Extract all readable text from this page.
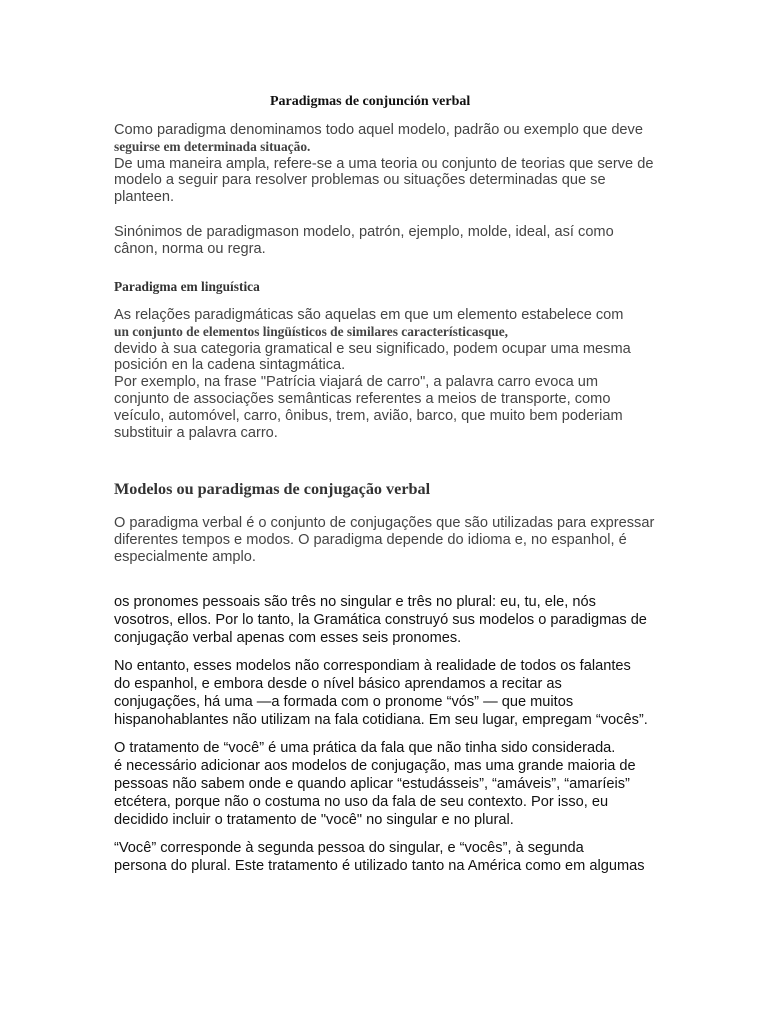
Paradigmas de conjunción verbal
Como paradigma denominamos todo aquel modelo, padrão ou exemplo que deve
seguirse em determinada situação.
De uma maneira ampla, refere-se a uma teoria ou conjunto de teorias que serve de
modelo a seguir para resolver problemas ou situações determinadas que se
planteen.
Sinónimos de paradigmason modelo, patrón, ejemplo, molde, ideal, así como
cânon, norma ou regra.
Paradigma em linguística
As relações paradigmáticas são aquelas em que um elemento estabelece com
un conjunto de elementos lingüísticos de similares característicasque,
devido à sua categoria gramatical e seu significado, podem ocupar uma mesma
posición en la cadena sintagmática.
Por exemplo, na frase "Patrícia viajará de carro", a palavra carro evoca um
conjunto de associações semânticas referentes a meios de transporte, como
veículo, automóvel, carro, ônibus, trem, avião, barco, que muito bem poderiam
substituir a palavra carro.
Modelos ou paradigmas de conjugação verbal
O paradigma verbal é o conjunto de conjugações que são utilizadas para expressar
diferentes tempos e modos. O paradigma depende do idioma e, no espanhol, é
especialmente amplo.
os pronomes pessoais são três no singular e três no plural: eu, tu, ele, nós
vosotros, ellos. Por lo tanto, la Gramática construyó sus modelos o paradigmas de
conjugação verbal apenas com esses seis pronomes.
No entanto, esses modelos não correspondiam à realidade de todos os falantes
do espanhol, e embora desde o nível básico aprendamos a recitar as
conjugações, há uma —a formada com o pronome “vós” — que muitos
hispanohablantes não utilizam na fala cotidiana. Em seu lugar, empregam “vocês”.
O tratamento de “você” é uma prática da fala que não tinha sido considerada.
é necessário adicionar aos modelos de conjugação, mas uma grande maioria de
pessoas não sabem onde e quando aplicar “estudásseis”, “amáveis”, “amaríeis”
etcétera, porque não o costuma no uso da fala de seu contexto. Por isso, eu
decidido incluir o tratamento de "você" no singular e no plural.
“Você” corresponde à segunda pessoa do singular, e “vocês”, à segunda
persona do plural. Este tratamento é utilizado tanto na América como em algumas
